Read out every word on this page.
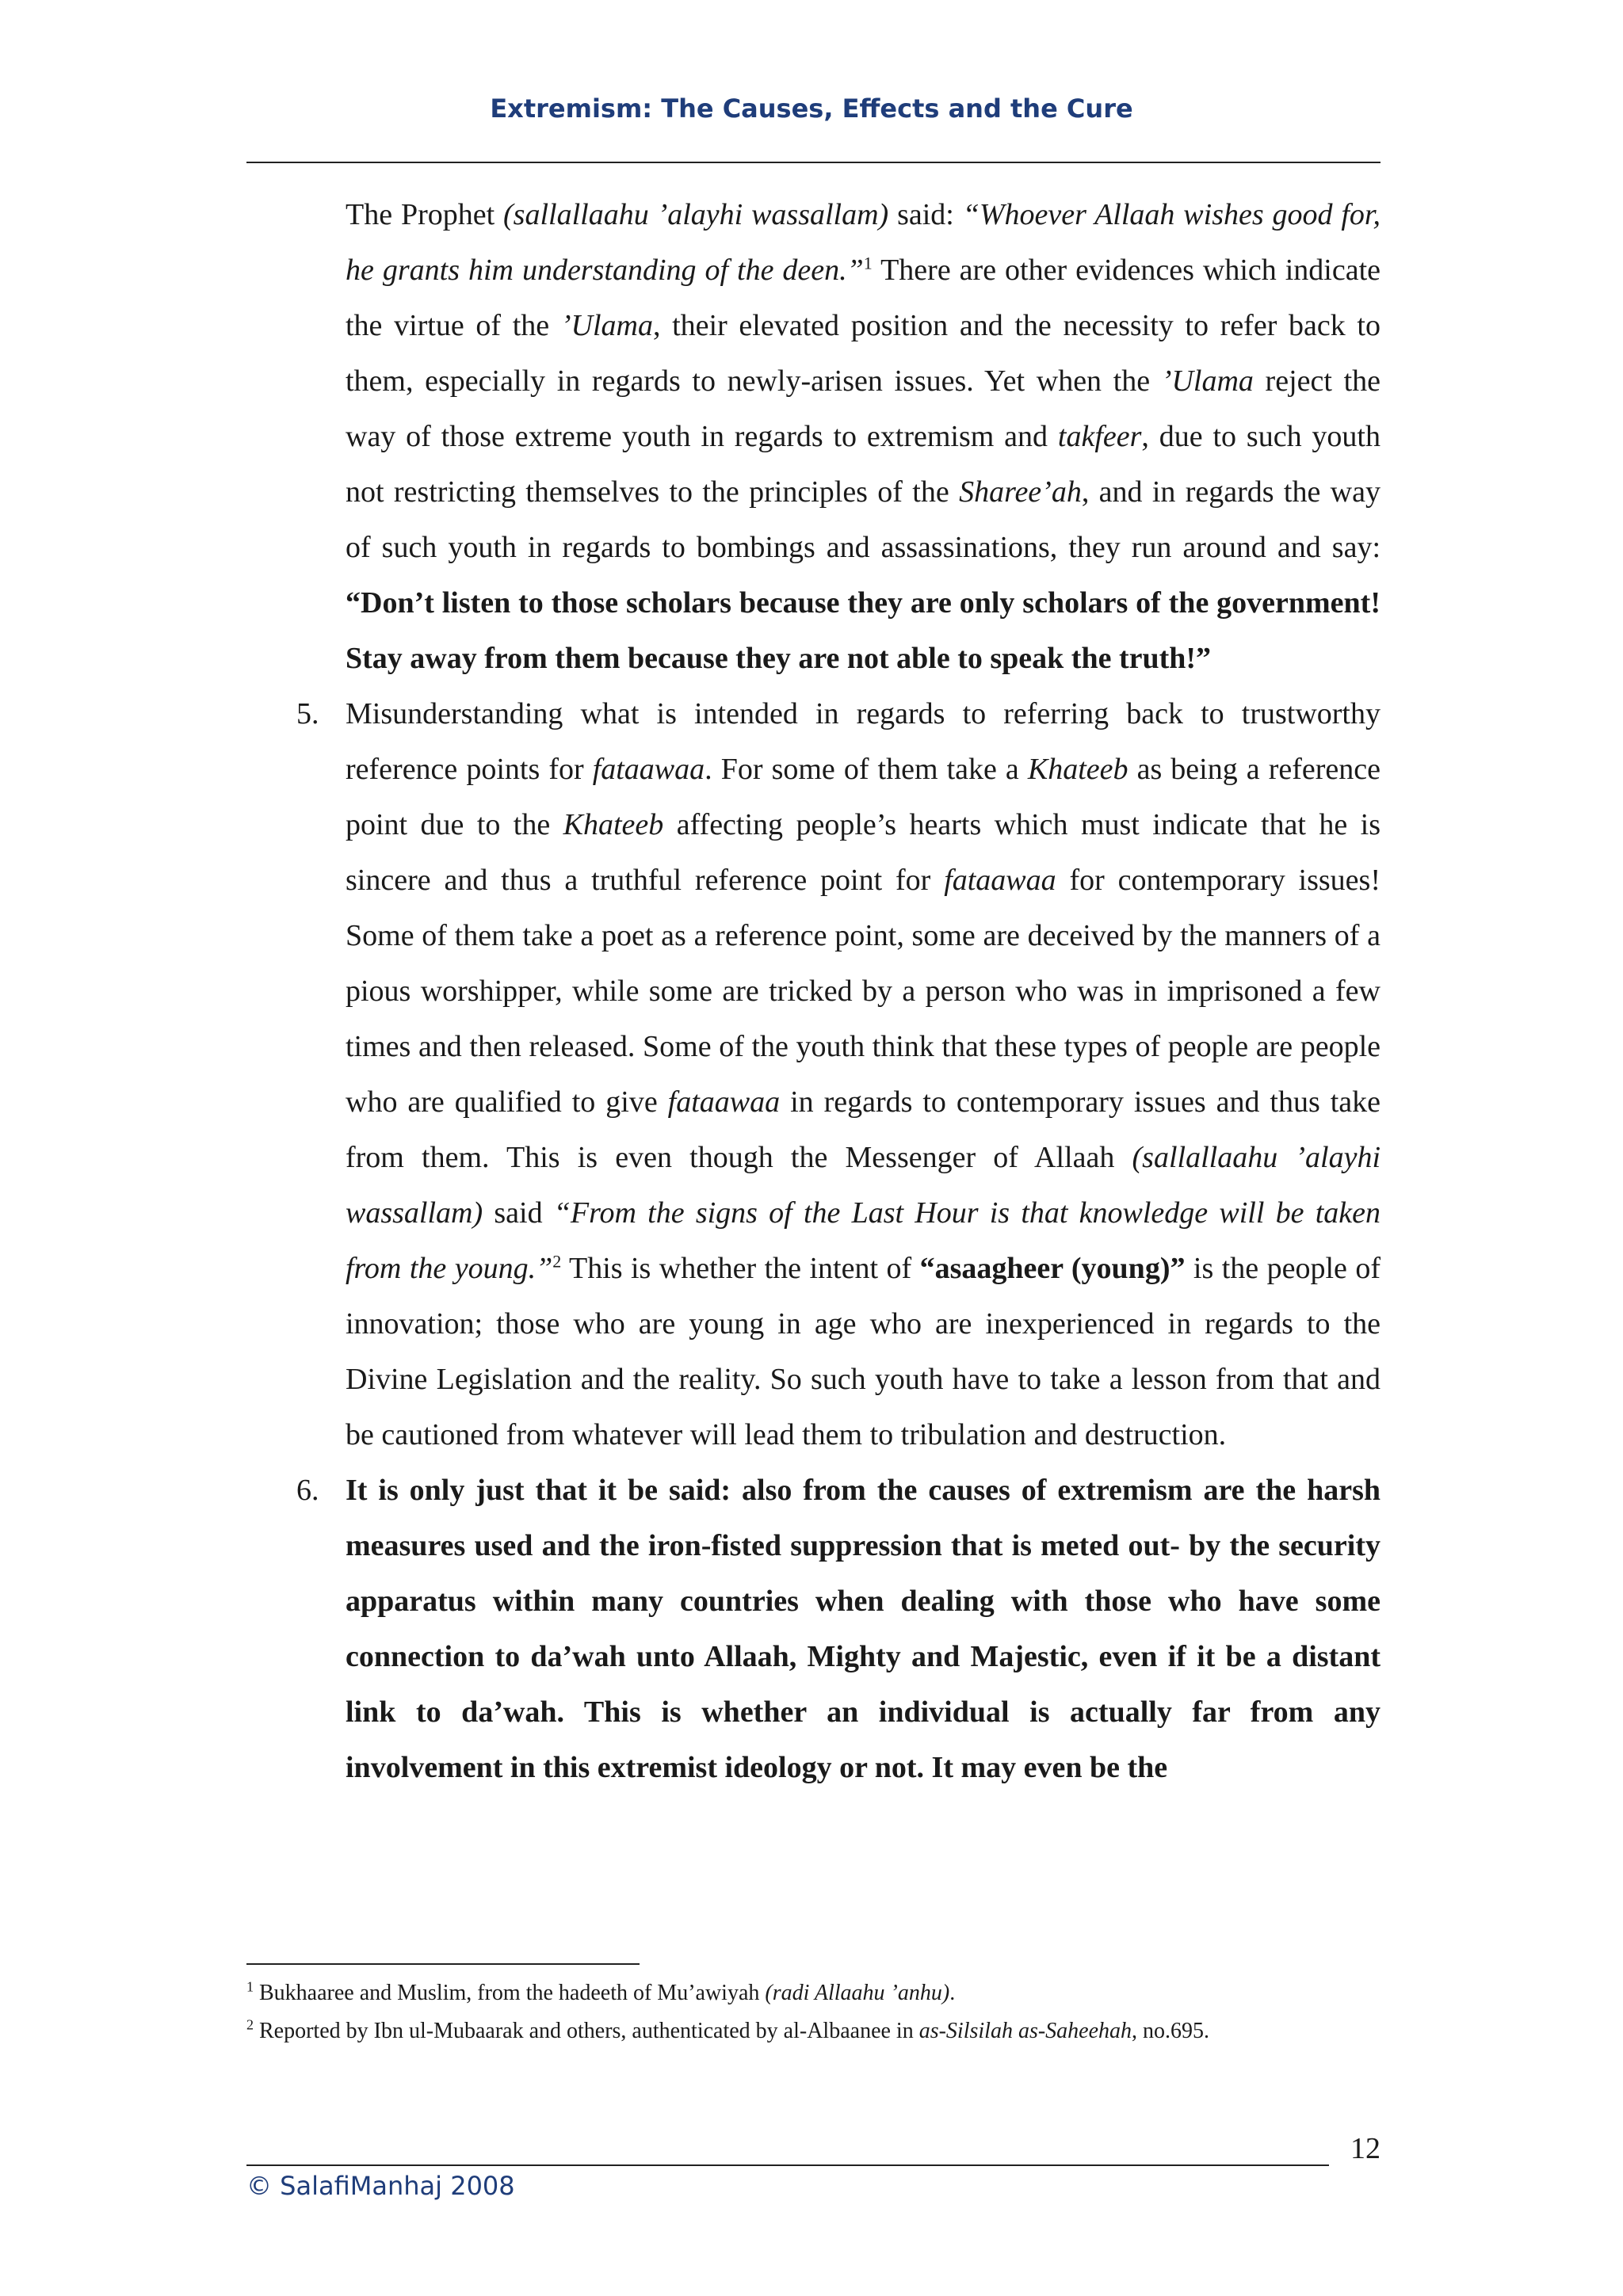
Extremism: The Causes, Effects and the Cure

The Prophet (sallallaahu ’alayhi wassallam) said: “Whoever Allaah wishes good for, he grants him understanding of the deen.”$^1$ There are other evidences which indicate the virtue of the ’Ulama, their elevated position and the necessity to refer back to them, especially in regards to newly-arisen issues. Yet when the ’Ulama reject the way of those extreme youth in regards to extremism and takfeer, due to such youth not restricting themselves to the principles of the Sharee’ah, and in regards the way of such youth in regards to bombings and assassinations, they run around and say: “Don’t listen to those scholars because they are only scholars of the government! Stay away from them because they are not able to speak the truth!”

5. Misunderstanding what is intended in regards to referring back to trustworthy reference points for fataawaa. For some of them take a Khateeb as being a reference point due to the Khateeb affecting people’s hearts which must indicate that he is sincere and thus a truthful reference point for fataawaa for contemporary issues! Some of them take a poet as a reference point, some are deceived by the manners of a pious worshipper, while some are tricked by a person who was in imprisoned a few times and then released. Some of the youth think that these types of people are people who are qualified to give fataawaa in regards to contemporary issues and thus take from them. This is even though the Messenger of Allaah (sallallaahu ’alayhi wassallam) said “From the signs of the Last Hour is that knowledge will be taken from the young.”$^2$ This is whether the intent of “asaagheer (young)” is the people of innovation; those who are young in age who are inexperienced in regards to the Divine Legislation and the reality. So such youth have to take a lesson from that and be cautioned from whatever will lead them to tribulation and destruction.
6. It is only just that it be said: also from the causes of extremism are the harsh measures used and the iron-fisted suppression that is meted out- by the security apparatus within many countries when dealing with those who have some connection to da’wah unto Allaah, Mighty and Majestic, even if it be a distant link to da’wah. This is whether an individual is actually far from any involvement in this extremist ideology or not. It may even be the

$^1$ Bukhaaree and Muslim, from the hadeeth of Mu’awiyah (radi Allaahu ’anhu).

$^2$ Reported by Ibn ul-Mubaarak and others, authenticated by al-Albaanee in as-Silsilah as-Saheehah, no.695.

12
© SalafiManhaj 2008
